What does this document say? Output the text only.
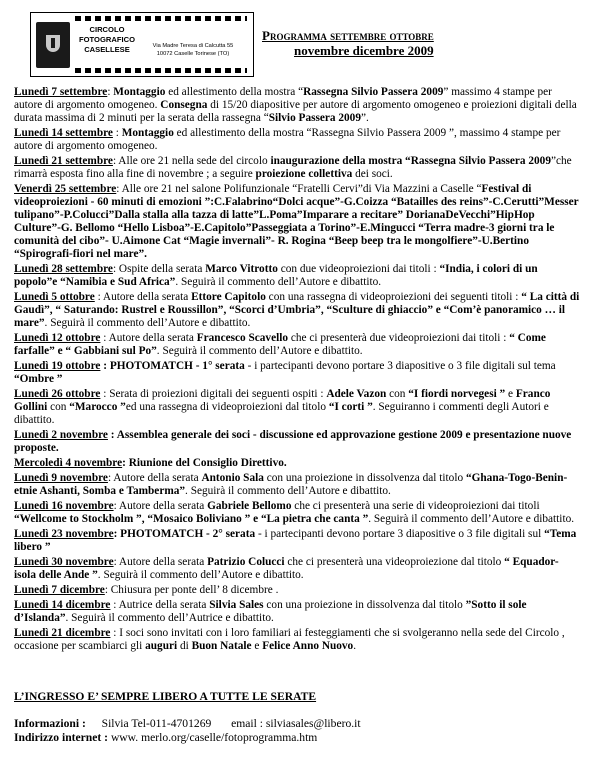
CIRCOLO
FOTOGRAFICO
CASELLESE	Via Madre Teresa di Calcutta 55
10072 Caselle Torinese (TO)
Programma settembre ottobre
novembre dicembre 2009
Lunedì 7 settembre: Montaggio ed allestimento della mostra “Rassegna Silvio Passera 2009” massimo 4 stampe per autore di argomento omogeneo. Consegna di 15/20 diapositive per autore di argomento omogeneo e proiezioni digitali della durata massima di 2 minuti per la serata della rassegna “Silvio Passera 2009”.
Lunedì 14 settembre : Montaggio ed allestimento della mostra “Rassegna Silvio Passera 2009 ”, massimo 4 stampe per autore di argomento omogeneo.
Lunedì 21 settembre: Alle ore 21 nella sede del circolo inaugurazione della mostra “Rassegna Silvio Passera 2009”che rimarrà esposta fino alla fine di novembre ; a seguire proiezione collettiva dei soci.
Venerdì 25 settembre: Alle ore 21 nel salone Polifunzionale “Fratelli Cervi”di Via Mazzini a Caselle “Festival di videoproiezioni - 60 minuti di emozioni ”:C.Falabrino“Dolci acque”-G.Coizza “Batailles des reins”-C.Cerutti”Messer tulipano”-P.Colucci”Dalla stalla alla tazza di latte”L.Poma”Imparare a recitare” DorianaDeVecchi”HipHop Culture”-G. Bellomo “Hello Lisboa”-E.Capitolo”Passeggiata a Torino”-E.Mingucci “Terra madre-3 giorni tra le comunità del cibo”- U.Aimone Cat “Magie invernali”- R. Rogina “Beep beep tra le mongolfiere”-U.Bertino “Spirografi-fiori nel mare”.
Lunedì 28 settembre: Ospite della serata Marco Vitrotto con due videoproiezioni dai titoli : “India, i colori di un popolo”e “Namibia e Sud Africa”. Seguirà il commento dell’Autore e dibattito.
Lunedì 5 ottobre : Autore della serata Ettore Capitolo con una rassegna di videoproiezioni dei seguenti titoli : “ La città di Gaudì”, “ Saturando: Rustrel e Roussillon”, “Scorci d’Umbria”, “Sculture di ghiaccio” e “Com’è panoramico … il mare”. Seguirà il commento dell’Autore e dibattito.
Lunedì 12 ottobre : Autore della serata Francesco Scavello che ci presenterà due videoproiezioni dai titoli : “ Come farfalle” e “ Gabbiani sul Po”. Seguirà il commento dell’Autore e dibattito.
Lunedì 19 ottobre : PHOTOMATCH - 1° serata - i partecipanti devono portare 3 diapositive o 3 file digitali sul tema “Ombre ”
Lunedì 26 ottobre : Serata di proiezioni digitali dei seguenti ospiti : Adele Vazon con “I fiordi norvegesi ” e Franco Gollini con “Marocco ”ed una rassegna di videoproiezioni dal titolo “I corti ”. Seguiranno i commenti degli Autori e dibattito.
Lunedì 2 novembre : Assemblea generale dei soci - discussione ed approvazione gestione 2009 e presentazione nuove proposte.
Mercoledì 4 novembre: Riunione del Consiglio Direttivo.
Lunedì 9 novembre: Autore della serata Antonio Sala con una proiezione in dissolvenza dal titolo “Ghana-Togo-Benin-etnie Ashanti, Somba e Tamberma”. Seguirà il commento dell’Autore e dibattito.
Lunedì 16 novembre: Autore della serata Gabriele Bellomo che ci presenterà una serie di videoproiezioni dai titoli “Wellcome to Stockholm ”, “Mosaico Boliviano ” e “La pietra che canta ”. Seguirà il commento dell’Autore e dibattito.
Lunedì 23 novembre: PHOTOMATCH - 2° serata - i partecipanti devono portare 3 diapositive o 3 file digitali sul “Tema libero ”
Lunedì 30 novembre: Autore della serata Patrizio Colucci che ci presenterà una videoproiezione dal titolo “ Equador- isola delle Ande ”. Seguirà il commento dell’Autore e dibattito.
Lunedì 7 dicembre: Chiusura per ponte dell’ 8 dicembre .
Lunedì 14 dicembre : Autrice della serata Silvia Sales con una proiezione in dissolvenza dal titolo ”Sotto il sole d’Islanda”. Seguirà il commento dell’Autrice e dibattito.
Lunedì 21 dicembre : I soci sono invitati con i loro familiari ai festeggiamenti che si svolgeranno nella sede del Circolo , occasione per scambiarci gli auguri di Buon Natale e Felice Anno Nuovo.
L’INGRESSO E’ SEMPRE LIBERO A TUTTE LE SERATE
Informazioni : Silvia Tel-011-4701269 email : silviasales@libero.it
Indirizzo internet : www. merlo.org/caselle/fotoprogramma.htm
